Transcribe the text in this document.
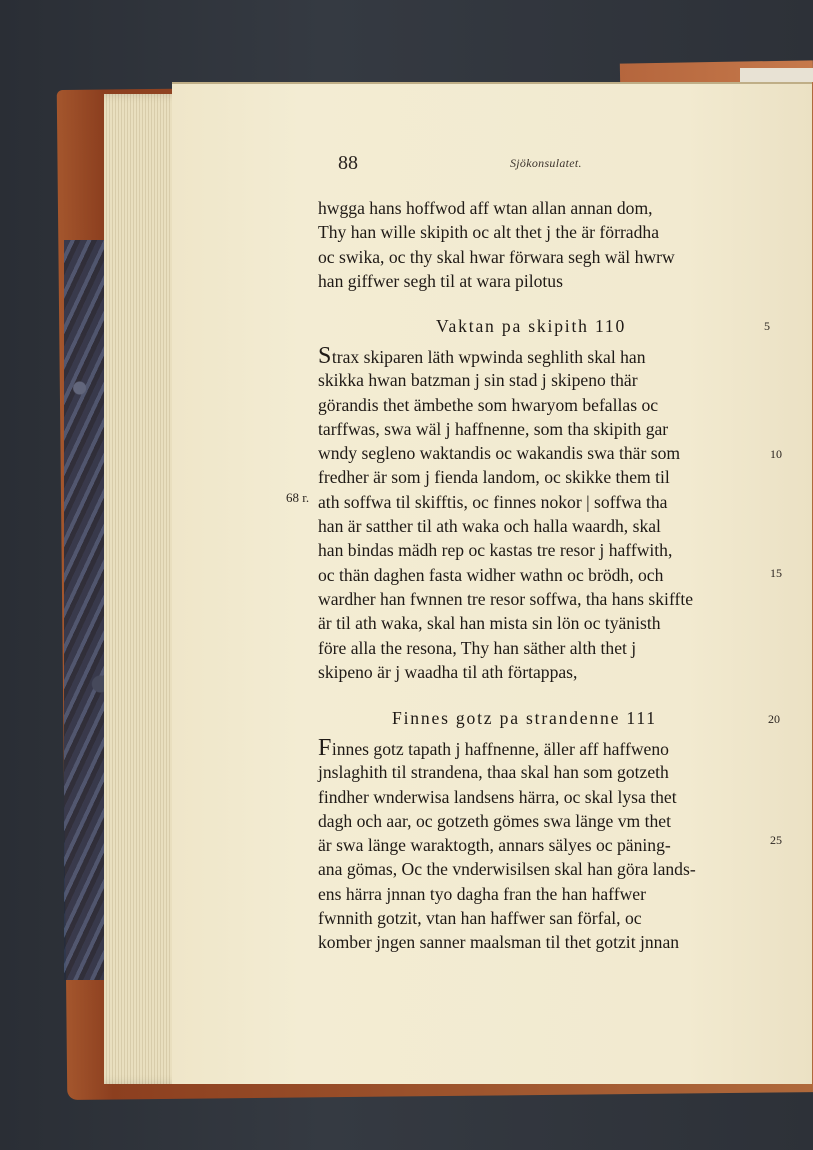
88	Sjökonsulatet.
hwgga hans hoffwod aff wtan allan annan dom,
Thy han wille skipith oc alt thet j the är förradha
oc swika, oc thy skal hwar förwara segh wäl hwrw
han giffwer segh til at wara pilotus
Vaktan pa skipith 110
Strax skiparen läth wpwinda seghlith skal han
skikka hwan batzman j sin stad j skipeno thär
görandis thet ämbethe som hwaryom befallas oc
tarffwas, swa wäl j haffnenne, som tha skipith gar
wndy segleno waktandis oc wakandis swa thär som
fredher är som j fienda landom, oc skikke them til
ath soffwa til skifftis, oc finnes nokor | soffwa tha
han är satther til ath waka och halla waardh, skal
han bindas mädh rep oc kastas tre resor j haffwith,
oc thän daghen fasta widher wathn oc brödh, och
wardher han fwnnen tre resor soffwa, tha hans skiffte
är til ath waka, skal han mista sin lön oc tyänisth
före alla the resona, Thy han säther alth thet j
skipeno är j waadha til ath förtappas,
Finnes gotz pa strandenne 111
Finnes gotz tapath j haffnenne, äller aff haffweno
jnslaghith til strandena, thaa skal han som gotzeth
findher wnderwisa landsens härra, oc skal lysa thet
dagh och aar, oc gotzeth gömes swa länge vm thet
är swa länge waraktogth, annars sälyes oc päning-
ana gömas, Oc the vnderwisilsen skal han göra lands-
ens härra jnnan tyo dagha fran the han haffwer
fwnnith gotzit, vtan han haffwer san förfal, oc
komber jngen sanner maalsman til thet gotzit jnnan
5
10
15
20
25
68 r.
